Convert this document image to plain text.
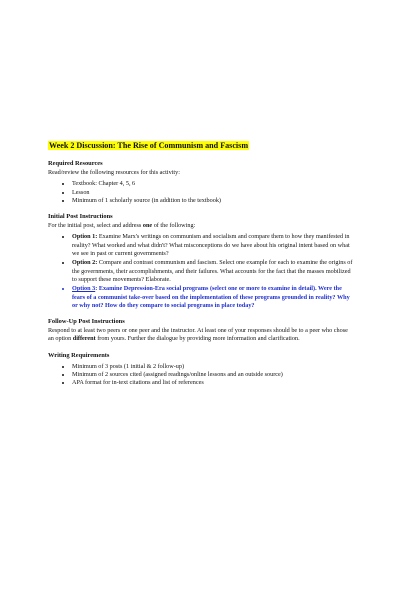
Week 2 Discussion: The Rise of Communism and Fascism
Required Resources
Read/review the following resources for this activity:
• Textbook: Chapter 4, 5, 6
• Lesson
• Minimum of 1 scholarly source (in addition to the textbook)
Initial Post Instructions
For the initial post, select and address one of the following:
• Option 1: Examine Marx's writings on communism and socialism and compare them to how they manifested in reality? What worked and what didn't? What misconceptions do we have about his original intent based on what we see in past or current governments?
• Option 2: Compare and contrast communism and fascism. Select one example for each to examine the origins of the governments, their accomplishments, and their failures. What accounts for the fact that the masses mobilized to support these movements? Elaborate.
• Option 3: Examine Depression-Era social programs (select one or more to examine in detail). Were the fears of a communist take-over based on the implementation of these programs grounded in reality? Why or why not? How do they compare to social programs in place today?
Follow-Up Post Instructions
Respond to at least two peers or one peer and the instructor. At least one of your responses should be to a peer who chose an option different from yours. Further the dialogue by providing more information and clarification.
Writing Requirements
• Minimum of 3 posts (1 initial & 2 follow-up)
• Minimum of 2 sources cited (assigned readings/online lessons and an outside source)
• APA format for in-text citations and list of references
